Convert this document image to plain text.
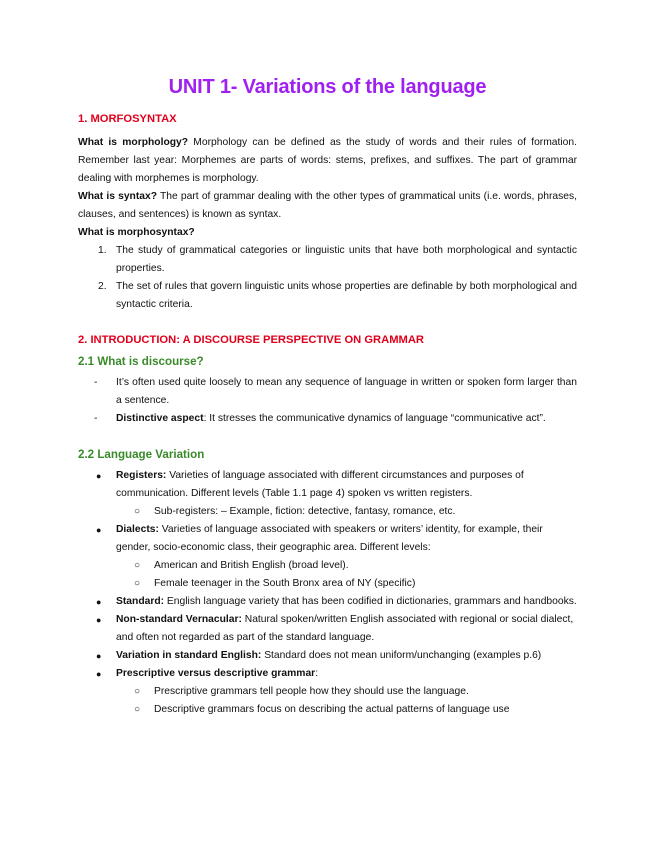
UNIT 1- Variations of the language
1. MORFOSYNTAX

What is morphology? Morphology can be defined as the study of words and their rules of formation. Remember last year: Morphemes are parts of words: stems, prefixes, and suffixes. The part of grammar dealing with morphemes is morphology.

What is syntax? The part of grammar dealing with the other types of grammatical units (i.e. words, phrases, clauses, and sentences) is known as syntax.

What is morphosyntax?

1. The study of grammatical categories or linguistic units that have both morphological and syntactic properties.
2. The set of rules that govern linguistic units whose properties are definable by both morphological and syntactic criteria.
2. INTRODUCTION: A DISCOURSE PERSPECTIVE ON GRAMMAR
2.1 What is discourse?
- It’s often used quite loosely to mean any sequence of language in written or spoken form larger than a sentence.
- Distinctive aspect: It stresses the communicative dynamics of language “communicative act”.
2.2 Language Variation
● Registers: Varieties of language associated with different circumstances and purposes of communication. Different levels (Table 1.1 page 4) spoken vs written registers.
○ Sub-registers: – Example, fiction: detective, fantasy, romance, etc.
● Dialects: Varieties of language associated with speakers or writers’ identity, for example, their gender, socio-economic class, their geographic area. Different levels:
○ American and British English (broad level).
○ Female teenager in the South Bronx area of NY (specific)
● Standard: English language variety that has been codified in dictionaries, grammars and handbooks.
● Non-standard Vernacular: Natural spoken/written English associated with regional or social dialect, and often not regarded as part of the standard language.
● Variation in standard English: Standard does not mean uniform/unchanging (examples p.6)
● Prescriptive versus descriptive grammar:
○ Prescriptive grammars tell people how they should use the language.
○ Descriptive grammars focus on describing the actual patterns of language use
